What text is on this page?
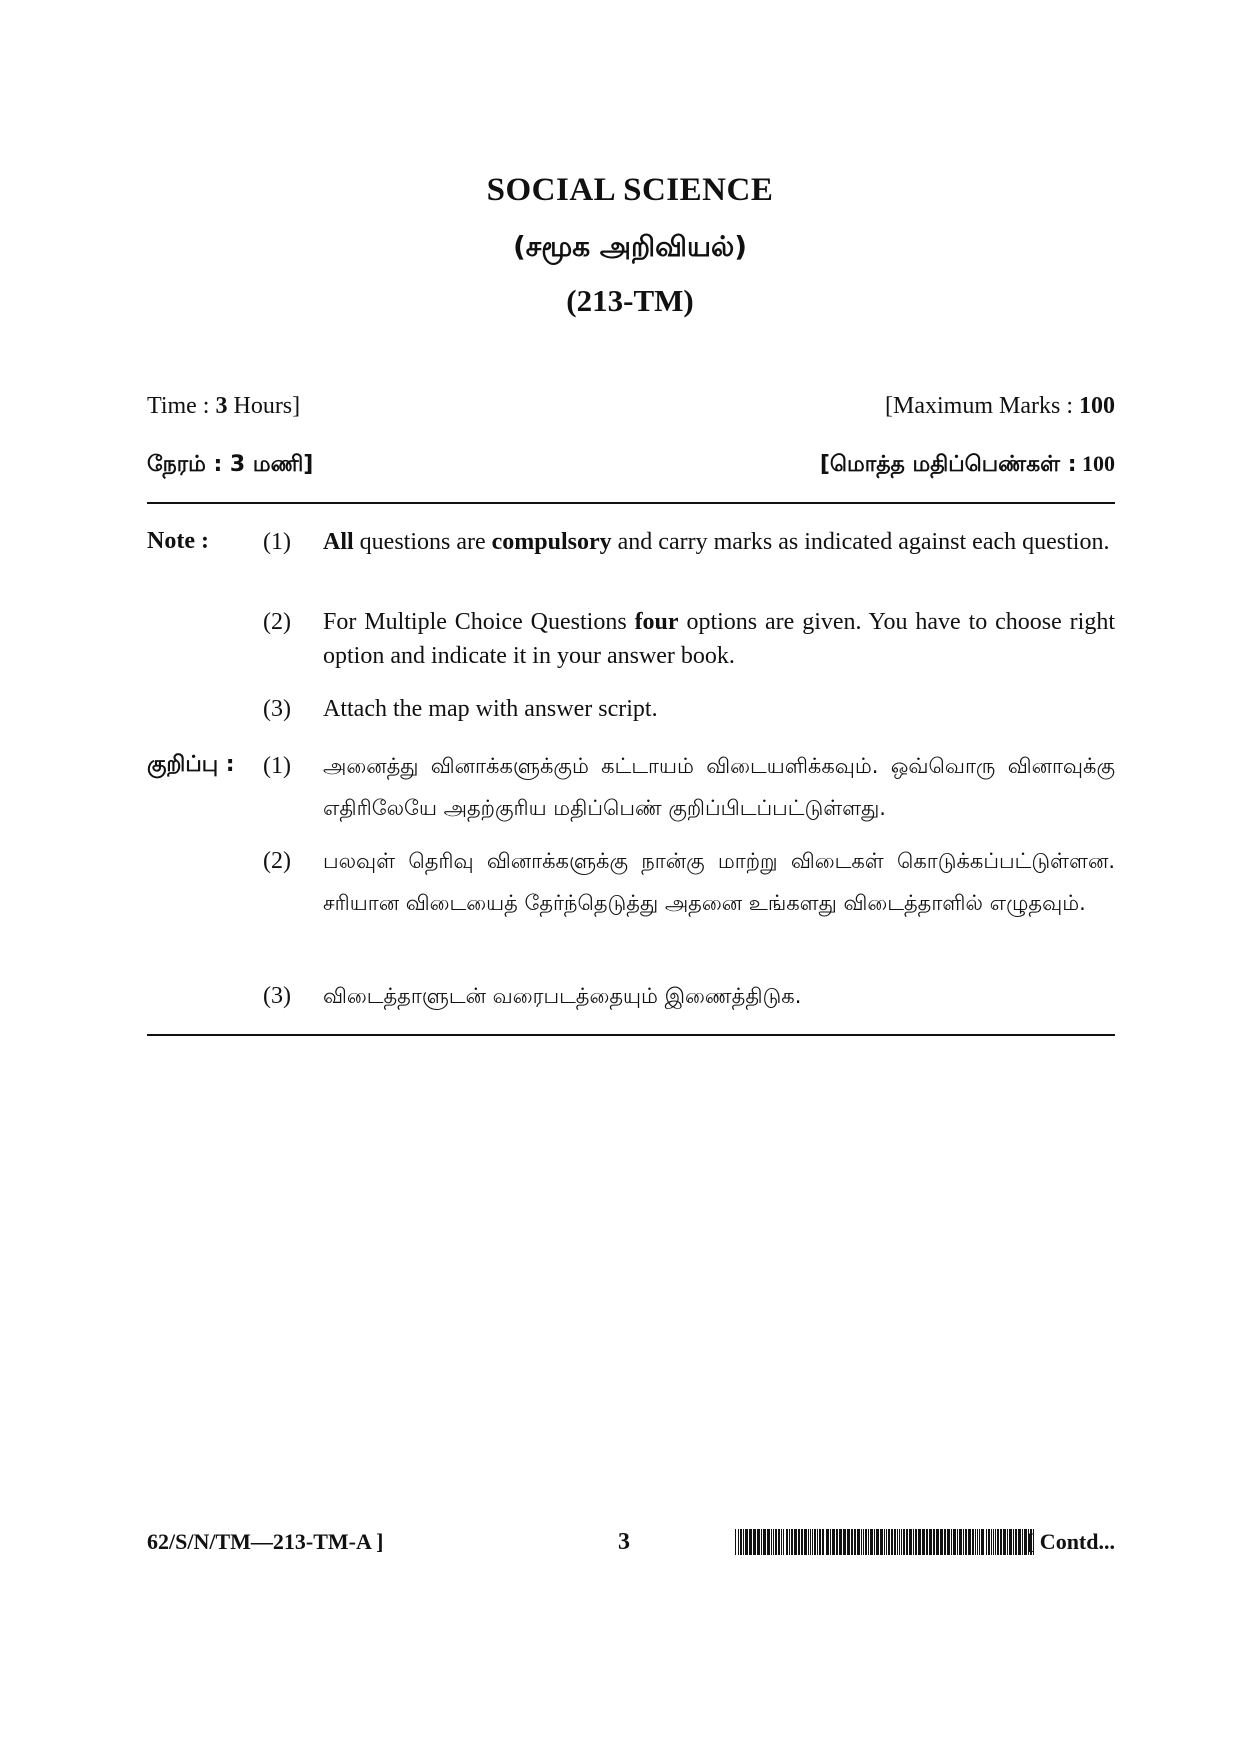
SOCIAL SCIENCE
(சமூக அறிவியல்)
(213-TM)
Time : 3 Hours]	[Maximum Marks : 100
நேரம் : 3 மணி]	[மொத்த மதிப்பெண்கள் : 100
Note : (1)	All questions are compulsory and carry marks as indicated against each question.
(2)	For Multiple Choice Questions four options are given. You have to choose right option and indicate it in your answer book.
(3)	Attach the map with answer script.
குறிப்பு : (1)	அனைத்து வினாக்களுக்கும் கட்டாயம் விடையளிக்கவும். ஒவ்வொரு வினாவுக்கு எதிரிலேயே அதற்குரிய மதிப்பெண் குறிப்பிடப்பட்டுள்ளது.
(2)	பலவுள் தெரிவு வினாக்களுக்கு நான்கு மாற்று விடைகள் கொடுக்கப்பட்டுள்ளன. சரியான விடையைத் தேர்ந்தெடுத்து அதனை உங்களது விடைத்தாளில் எழுதவும்.
(3)	விடைத்தாளுடன் வரைபடத்தையும் இணைத்திடுக.
62/S/N/TM—213-TM-A ]	3	[ Contd...
